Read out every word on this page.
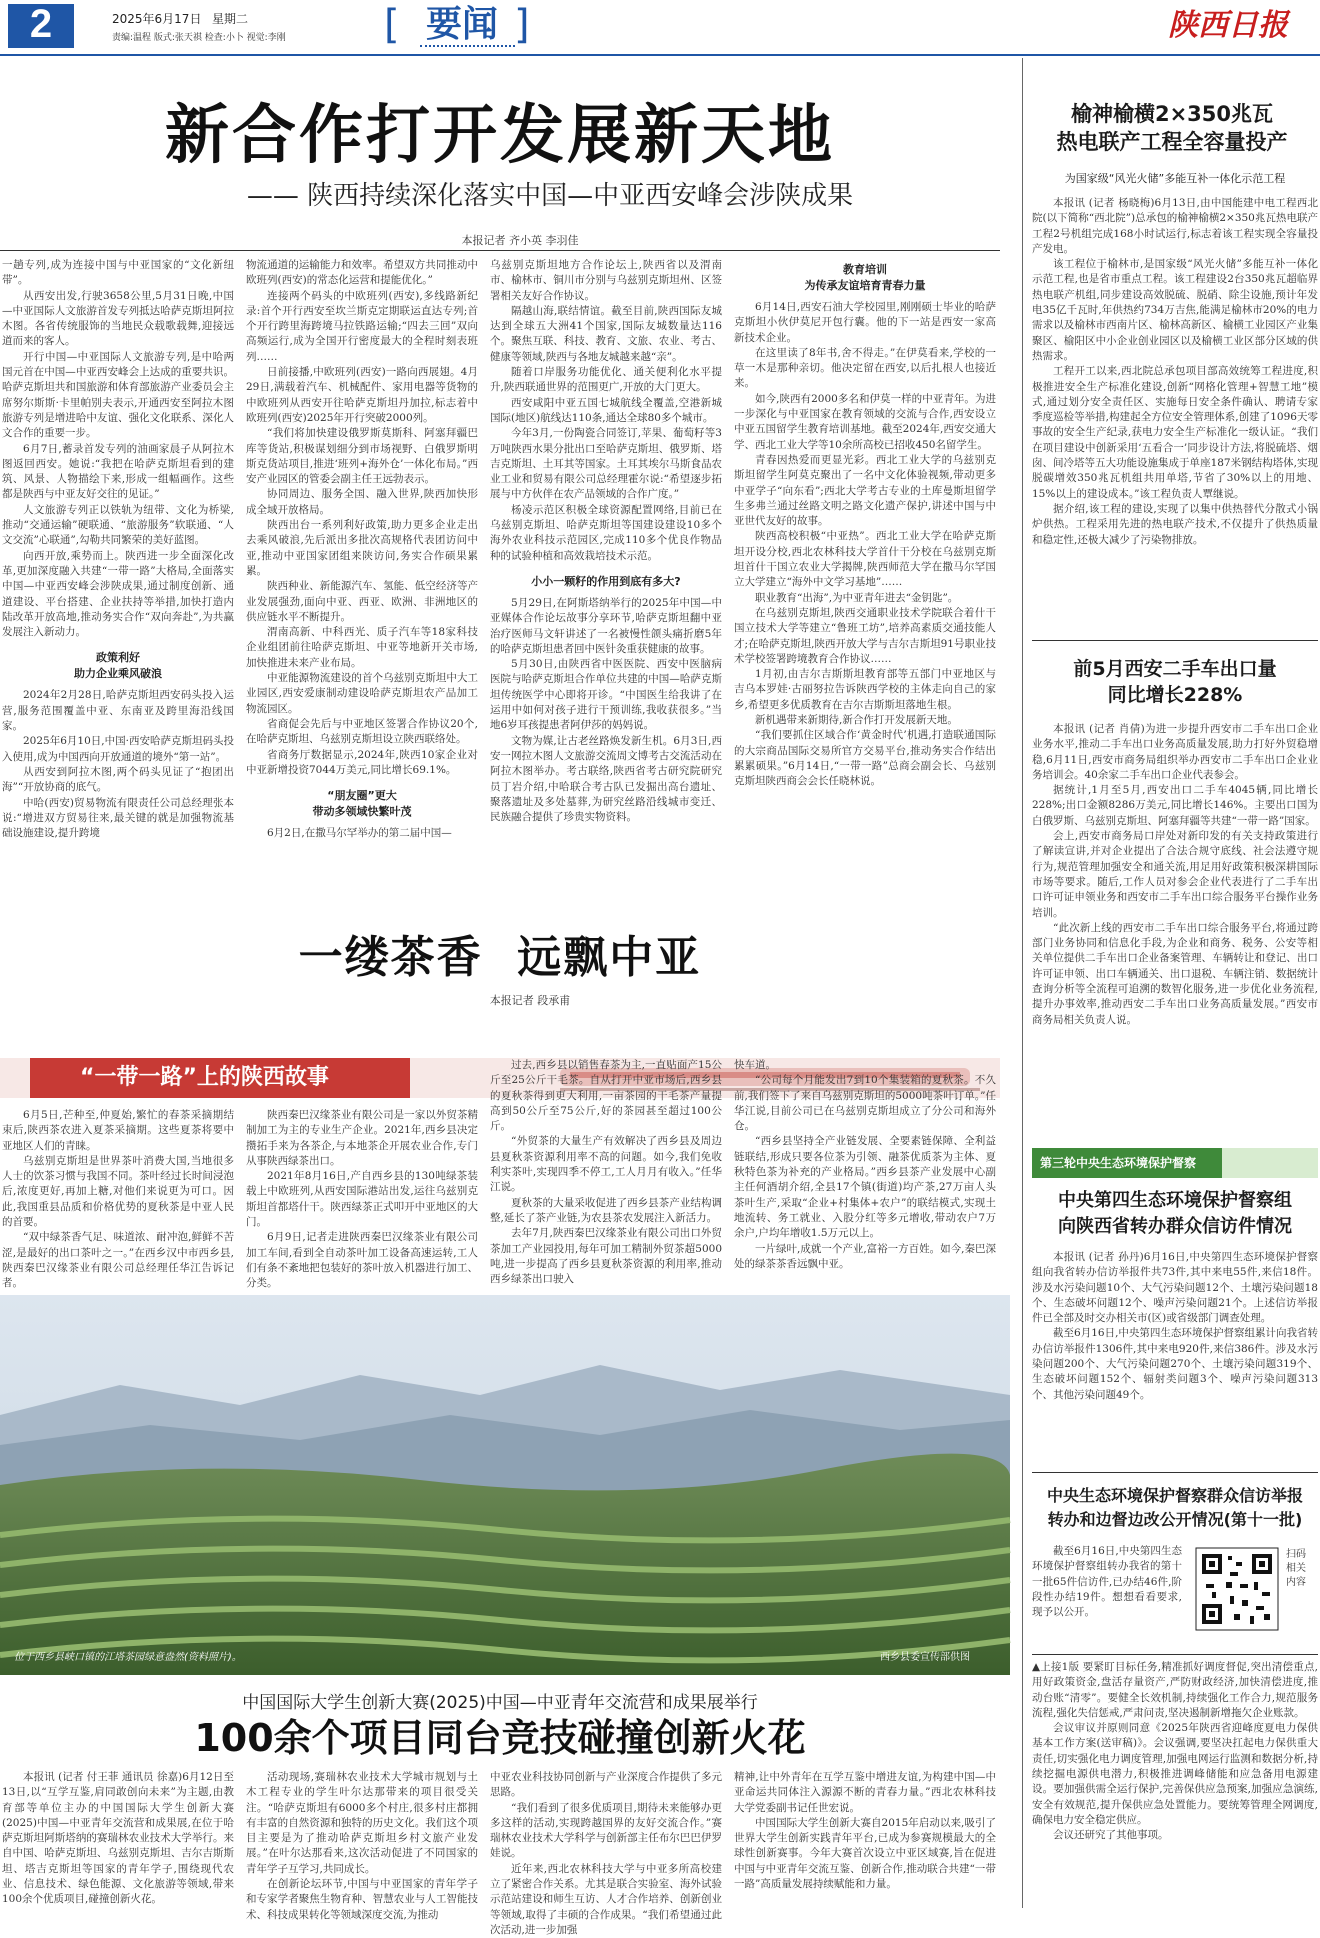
2	2025年6月17日 星期二
责编:温程 版式:张天祺 检查:小卜 视觉:李刚 [ 要闻 ]	陕西日报
新合作打开发展新天地
—— 陕西持续深化落实中国—中亚西安峰会涉陕成果
本报记者 齐小英 李羽佳

一趟专列,成为连接中国与中亚国家的“文化新纽带”。

从西安出发,行驶3658公里,5月31日晚,中国—中亚国际人文旅游首发专列抵达哈萨克斯坦阿拉木图。各省传统服饰的当地民众载歌载舞,迎接远道而来的客人。

开行中国—中亚国际人文旅游专列,是中哈两国元首在中国—中亚西安峰会上达成的重要共识。哈萨克斯坦共和国旅游和体育部旅游产业委员会主席努尔斯斯·卡里帕别夫表示,开通西安至阿拉木图旅游专列是增进哈中友谊、强化文化联系、深化人文合作的重要一步。

6月7日,蓄录首发专列的油画家晨子从阿拉木图返回西安。她说:“我把在哈萨克斯坦看到的建筑、风景、人物描绘下来,形成一组幅画作。这些都是陕西与中亚友好交往的见证。”

人文旅游专列正以铁轨为纽带、文化为桥梁,推动“交通运输”硬联通、“旅游服务”软联通、“人文交流”心联通”,勾勒共同繁荣的美好蓝图。

向西开放,乘势而上。陕西进一步全面深化改革,更加深度融入共建“一带一路”大格局,全面落实中国—中亚西安峰会涉陕成果,通过制度创新、通道建设、平台搭建、企业扶持等举措,加快打造内陆改革开放高地,推动务实合作“双向奔赴”,为共赢发展注入新动力。

政策利好
助力企业乘风破浪

2024年2月28日,哈萨克斯坦西安码头投入运营,服务范围覆盖中亚、东南亚及跨里海沿线国家。

2025年6月10日,中国·西安哈萨克斯坦码头投入使用,成为中国西向开放通道的境外“第一站”。

从西安到阿拉木图,两个码头见证了“抱团出海”“开放协商的底气。

中哈(西安)贸易物流有限责任公司总经理张本说:“增进双方贸易往来,最关键的就是加强物流基础设施建设,提升跨境

物流通道的运输能力和效率。希望双方共同推动中欧班列(西安)的常态化运营和提能优化。”

连接两个码头的中欧班列(西安),多线路新纪录:首个开行西安至坎兰斯克定期联运直达专列;首个开行跨里海跨境马拉铁路运输;“四去三回”双向高频运行,成为全国开行密度最大的全程时刻表班列……

日前接播,中欧班列(西安)一路向西展翅。4月29日,满载着汽车、机械配件、家用电器等货物的中欧班列从西安开往哈萨克斯坦丹加拉,标志着中欧班列(西安)2025年开行突破2000列。

“我们将加快建设俄罗斯莫斯科、阿塞拜疆巴库等货站,积极谋划细分到市场视野、白俄罗斯明斯克货站项目,推进‘班列+海外仓’一体化布局。”西安产业园区的管委会副主任王远勃表示。

协同周边、服务全国、融入世界,陕西加快形成全域开放格局。

陕西出台一系列利好政策,助力更多企业走出去乘风破浪,先后派出多批次高规格代表团访问中亚,推动中亚国家团组来陕访问,务实合作硕果累累。

陕西种业、新能源汽车、氢能、低空经济等产业发展强劲,面向中亚、西亚、欧洲、非洲地区的供应链水平不断提升。

渭南高新、中科西光、质子汽车等18家科技企业组团前往哈萨克斯坦、中亚等地新开关市场,加快推进未来产业布局。

中亚能源物流建设的首个乌兹别克斯坦中大工业园区,西安爱康制动建设哈萨克斯坦农产品加工物流园区。

省商促会先后与中亚地区签署合作协议20个,在哈萨克斯坦、乌兹别克斯坦设立陕西联络处。

省商务厅数据显示,2024年,陕西10家企业对中亚新增投资7044万美元,同比增长69.1%。

“朋友圈”更大
带动多领域快繁叶茂

6月2日,在撒马尔罕举办的第二届中国—

乌兹别克斯坦地方合作论坛上,陕西省以及渭南市、榆林市、铜川市分别与乌兹别克斯坦州、区签署相关友好合作协议。

隔越山海,联结情谊。截至目前,陕西国际友城达到全球五大洲41个国家,国际友城数量达116个。聚焦互联、科技、教育、文旅、农业、考古、健康等领域,陕西与各地友城越来越“亲”。

随着口岸服务功能优化、通关便利化水平提升,陕西联通世界的范围更广,开放的大门更大。

西安咸阳中亚五国七城航线全覆盖,空港新城国际(地区)航线达110条,通达全球80多个城市。

今年3月,一份陶瓷合同签订,苹果、葡萄籽等3万吨陕西水果分批出口至哈萨克斯坦、俄罗斯、塔吉克斯坦、土耳其等国家。土耳其埃尔马斯食品农业工业和贸易有限公司总经理霍尔说:“希望逐步拓展与中方伙伴在农产品领域的合作广度。”

杨凌示范区积极全球资源配置网络,目前已在乌兹别克斯坦、哈萨克斯坦等国建设建设10多个海外农业科技示范园区,完成110多个优良作物品种的试验种植和高效栽培技术示范。

小小一颗籽的作用到底有多大?

5月29日,在阿斯塔纳举行的2025年中国—中亚媒体合作论坛故事分享环节,哈萨克斯坦翻中亚治疗医师马文轩讲述了一名被慢性颌头痛折磨5年的哈萨克斯坦患者回中医针灸重获健康的故事。

5月30日,由陕西省中医医院、西安中医脑病医院与哈萨克斯坦合作单位共建的中国—哈萨克斯坦传统医学中心即将开诊。“中国医生给我讲了在运用中如何对孩子进行干预训练,我收获很多。”当地6岁耳孩提患者阿伊莎的妈妈说。

文物为媒,让古老丝路焕发新生机。6月3日,西安一网拉木图人文旅游交流周文博考古交流活动在阿拉木图举办。考古联络,陕西省考古研究院研究员丁岩介绍,中哈联合考古队已发掘出高台遗址、聚落遗址及多处墓葬,为研究丝路沿线城市变迁、民族融合提供了珍贵实物资料。

教育培训
为传承友谊培育青春力量

6月14日,西安石油大学校园里,刚刚硕士毕业的哈萨克斯坦小伙伊莫尼开包行囊。他的下一站是西安一家高新技术企业。

在这里读了8年书,舍不得走。”在伊莫看来,学校的一草一木是那种亲切。他决定留在西安,以后扎根人也接近来。

如今,陕西有2000多名和伊莫一样的中亚青年。为进一步深化与中亚国家在教育领域的交流与合作,西安设立中亚五国留学生教育培训基地。截至2024年,西安交通大学、西北工业大学等10余所高校已招收450名留学生。

青春因热爱而更显光彩。西北工业大学的乌兹别克斯坦留学生阿莫克聚出了一名中文化体验视频,带动更多中亚学子“向东看”;西北大学考古专业的土库曼斯坦留学生多弗兰通过丝路文明之路文化遗产保护,讲述中国与中亚世代友好的故事。

陕西高校积极“中亚热”。西北工业大学在哈萨克斯坦开设分校,西北农林科技大学首什干分校在乌兹别克斯坦首什干国立农业大学揭牌,陕西师范大学在撒马尔罕国立大学建立“海外中文学习基地”……

职业教育“出海”,为中亚青年进去“金钥匙”。

在乌兹别克斯坦,陕西交通职业技术学院联合着什干国立技术大学等建立“鲁班工坊”,培养高素质交通技能人才;在哈萨克斯坦,陕西开放大学与吉尔吉斯坦91号职业技术学校签署跨境教育合作协议……

1月初,由吉尔吉斯斯坦教育部等五部门中亚地区与吉乌本罗娃·古丽努拉告诉陕西学校的主体走向自己的家乡,希望更多优质教育在吉尔吉斯斯坦落地生根。

新机遇带来新期待,新合作打开发展新天地。

“我们要抓住区域合作‘黄金时代’机遇,打造联通国际的大宗商品国际交易所官方交易平台,推动务实合作结出累累硕果。”6月14日,“一带一路”总商会副会长、乌兹别克斯坦陕西商会会长任晓林说。

一缕茶香  远飘中亚
本报记者 段承甫
“一带一路”上的陕西故事

6月5日,芒种至,仲夏始,繁忙的春茶采摘期结束后,陕西茶农进入夏茶采摘期。这些夏茶将要中亚地区人们的青睐。

乌兹别克斯坦是世界茶叶消费大国,当地很多人士的饮茶习惯与我国不同。茶叶经过长时间浸泡后,浓度更好,再加上糖,对他们来说更为可口。因此,我国重县品质和价格优势的夏秋茶是中亚人民的首要。

“双中绿茶香气足、味道浓、耐冲泡,鲜鲜不苦涩,是最好的出口茶叶之一。”在西乡汉中市西乡县,陕西秦巴汉缘茶业有限公司总经理任华江告诉记者。

陕西秦巴汉缘茶业有限公司是一家以外贸茶精制加工为主的专业生产企业。2021年,西乡县决定攒拓手来为各茶企,与本地茶企开展农业合作,专门从事陕西绿茶出口。

2021年8月16日,产自西乡县的130吨绿茶装载上中欧班列,从西安国际港站出发,运往乌兹别克斯坦首都塔什干。陕西绿茶正式叩开中亚地区的大门。

6月9日,记者走进陕西秦巴汉缘茶业有限公司加工车间,看到全自动茶叶加工设备高速运转,工人们有条不紊地把包装好的茶叶放入机器进行加工、分类。

过去,西乡县以销售春茶为主,一直贴面产15公斤至25公斤干毛茶。自从打开中亚市场后,西乡县的夏秋茶得到更大利用,一亩茶园的干毛茶产量提高到50公斤至75公斤,好的茶园甚至超过100公斤。

“外贸茶的大量生产有效解决了西乡县及周边县夏秋茶资源利用率不高的问题。如今,我们免收利实茶叶,实现四季不停工,工人月月有收入。”任华江说。

夏秋茶的大量采收促进了西乡县茶产业结构调整,延长了茶产业链,为农县茶农发展注入新活力。

去年7月,陕西秦巴汉缘茶业有限公司出口外贸茶加工产业园投用,每年可加工精制外贸茶超5000吨,进一步提高了西乡县夏秋茶资源的利用率,推动西乡绿茶出口驶入

快车道。

“公司每个月能发出7到10个集装箱的夏秋茶。不久前,我们签下了来自乌兹别克斯坦的5000吨茶叶订单。”任华江说,目前公司已在乌兹别克斯坦成立了分公司和海外仓。

“西乡县坚持全产业链发展、全要素链保障、全利益链联结,形成只要各位茶为引领、融茶优质茶为主体、夏秋特色茶为补充的产业格局。”西乡县茶产业发展中心副主任何酒胡介绍,全县17个镇(街道)均产茶,27万亩人头茶叶生产,采取“企业+村集体+农户”的联结模式,实现土地流转、务工就业、入股分红等多元增收,带动农户7万余户,户均年增收1.5万元以上。

一片绿叶,成就一个产业,富裕一方百姓。如今,秦巴深处的绿茶茶香远飘中亚。

位于西乡县峡口镇的江塔茶园绿意盎然(资料照片)。	西乡县委宣传部供图
中国国际大学生创新大赛(2025)中国—中亚青年交流营和成果展举行
100余个项目同台竞技碰撞创新火花

本报讯 (记者 付王菲 通讯员 徐嘉)6月12日至13日,以“互学互鉴,肩同敢创向未来”为主题,由教育部等单位主办的中国国际大学生创新大赛(2025)中国—中亚青年交流营和成果展,在位于哈萨克斯坦阿斯塔纳的赛瑞林农业技术大学举行。来自中国、哈萨克斯坦、乌兹别克斯坦、吉尔吉斯斯坦、塔吉克斯坦等国家的青年学子,围绕现代农业、信息技术、绿色能源、文化旅游等领域,带来100余个优质项目,碰撞创新火花。

活动现场,赛瑞林农业技术大学城市规划与土木工程专业的学生叶尔达那带来的项目很受关注。“哈萨克斯坦有6000多个村庄,很多村庄都拥有丰富的自然资源和独特的历史文化。我们这个项目主要是为了推动哈萨克斯坦乡村文旅产业发展。”在叶尔达那看来,这次活动促进了不同国家的青年学子互学习,共同成长。

在创新论坛环节,中国与中亚国家的青年学子和专家学者聚焦生物育种、智慧农业与人工智能技术、科技成果转化等领域深度交流,为推动

中亚农业科技协同创新与产业深度合作提供了多元思路。

“我们看到了很多优质项目,期待未来能够办更多这样的活动,实现跨越国界的友好交流合作。”赛瑞林农业技术大学科学与创新部主任布尔巴巴伊罗娃说。

近年来,西北农林科技大学与中亚多所高校建立了紧密合作关系。尤其是联合实验室、海外试验示范站建设和师生互访、人才合作培养、创新创业等领域,取得了丰硕的合作成果。“我们希望通过此次活动,进一步加强

精神,让中外青年在互学互鉴中增进友谊,为构建中国—中亚命运共同体注入源源不断的青春力量。”西北农林科技大学党委副书记任世宏说。

中国国际大学生创新大赛自2015年启动以来,吸引了世界大学生创新实践青年平台,已成为参赛规模最大的全球性创新赛事。今年大赛首次设立中亚区域赛,旨在促进中国与中亚青年交流互鉴、创新合作,推动联合共建“一带一路”高质量发展持续赋能和力量。

榆神榆横2×350兆瓦
热电联产工程全容量投产
为国家级“风光火储”多能互补一体化示范工程

本报讯 (记者 杨晓梅)6月13日,由中国能建中电工程西北院(以下简称“西北院”)总承包的榆神榆横2×350兆瓦热电联产工程2号机组完成168小时试运行,标志着该工程实现全容量投产发电。

该工程位于榆林市,是国家级“风光火储”多能互补一体化示范工程,也是省市重点工程。该工程建设2台350兆瓦超临界热电联产机组,同步建设高效脱硫、脱硝、除尘设施,预计年发电35亿千瓦时,年供热约734万吉焦,能满足榆林市20%的电力需求以及榆林市西南片区、榆林高新区、榆横工业园区产业集聚区、榆阳区中小企业创业园区以及榆横工业区部分区域的供热需求。

工程开工以来,西北院总承包项目部高效统筹工程进度,积极推进安全生产标准化建设,创新“网格化管理+智慧工地”模式,通过划分安全责任区、实施每日安全条件确认、聘请专家季度巡检等举措,构建起全方位安全管理体系,创建了1096天零事故的安全生产纪录,获电力安全生产标准化一级认证。“我们在项目建设中创新采用‘五看合一’同步设计方法,将脱硫塔、烟囱、间冷塔等五大功能设施集成于单座187米钢结构塔体,实现脱碳增效350兆瓦机组共用单塔,节省了30%以上的用地、15%以上的建设成本。”该工程负责人覃继说。

据介绍,该工程的建设,实现了以集中供热替代分散式小锅炉供热。工程采用先进的热电联产技术,不仅提升了供热质量和稳定性,还极大减少了污染物排放。

前5月西安二手车出口量
同比增长228%

本报讯 (记者 肖倩)为进一步提升西安市二手车出口企业业务水平,推动二手车出口业务高质量发展,助力打好外贸稳增稳,6月11日,西安市商务局组织举办西安市二手车出口企业业务培训会。40余家二手车出口企业代表参会。

据统计,1月至5月,西安出口二手车4045辆,同比增长228%;出口金额8286万美元,同比增长146%。主要出口国为白俄罗斯、乌兹别克斯坦、阿塞拜疆等共建“一带一路”国家。

会上,西安市商务局口岸处对新印发的有关支持政策进行了解读宣讲,并对企业提出了合法合规守底线、社会法遵守规行为,规范管理加强安全和通关流,用足用好政策积极深耕国际市场等要求。随后,工作人员对参会企业代表进行了二手车出口许可证申领业务和西安市二手车出口综合服务平台操作业务培训。

“此次新上线的西安市二手车出口综合服务平台,将通过跨部门业务协同和信息化手段,为企业和商务、税务、公安等相关单位提供二手车出口企业备案管理、车辆转让和登记、出口许可证申领、出口车辆通关、出口退税、车辆注销、数据统计查询分析等全流程可追溯的数智化服务,进一步优化业务流程,提升办事效率,推动西安二手车出口业务高质量发展。”西安市商务局相关负责人说。

第三轮中央生态环境保护督察
中央第四生态环境保护督察组
向陕西省转办群众信访件情况

本报讯 (记者 孙丹)6月16日,中央第四生态环境保护督察组向我省转办信访举报件共73件,其中来电55件,来信18件。涉及水污染问题10个、大气污染问题12个、土壤污染问题18个、生态破坏问题12个、噪声污染问题21个。上述信访举报件已全部及时交办相关市(区)或省级部门调查处理。

截至6月16日,中央第四生态环境保护督察组累计向我省转办信访举报件1306件,其中来电920件,来信386件。涉及水污染问题200个、大气污染问题270个、土壤污染问题319个、生态破坏问题152个、辐射类问题3个、噪声污染问题313个、其他污染问题49个。

中央生态环境保护督察群众信访举报
转办和边督边改公开情况(第十一批)

截至6月16日,中央第四生态环境保护督察组转办我省的第十一批65件信访件,已办结46件,阶段性办结19件。想想看看要求,现予以公开。

扫码 相关内容

▲上接1版 要紧盯目标任务,精准抓好调度督促,突出清偿重点,用好政策资金,盘活存量资产,严防财政经济,加快清偿进度,推动台账“清零”。要健全长效机制,持续强化工作合力,规范服务流程,强化失信惩戒,严肃问责,坚决遏制新增拖欠企业账款。

会议审议并原则同意《2025年陕西省迎峰度夏电力保供基本工作方案(送审稿)》。会议强调,要坚决扛起电力保供重大责任,切实强化电力调度管理,加强电网运行监测和数据分析,持续挖掘电源供电潜力,积极推进调峰储能和应急备用电源建设。要加强供需全运行保护,完善保供应急预案,加强应急演练,安全有效规范,提升保供应急处置能力。要统筹管理全网调度,确保电力安全稳定供应。

会议还研究了其他事项。
